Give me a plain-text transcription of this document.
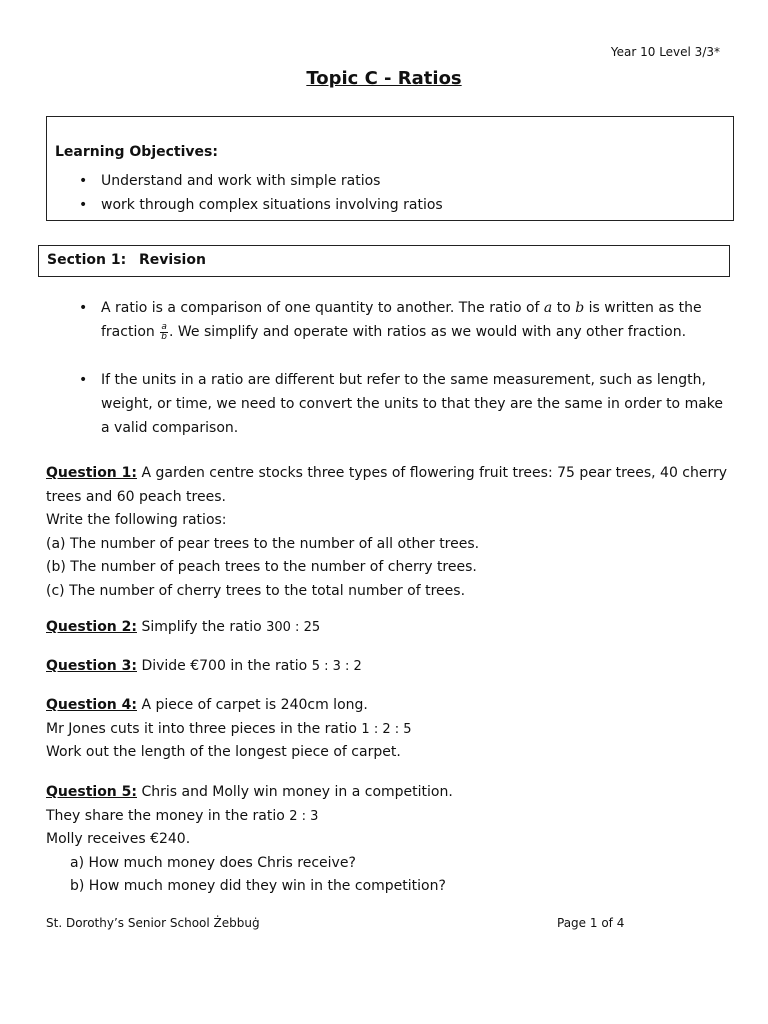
Year 10 Level 3/3*
Topic C - Ratios
Learning Objectives:
• Understand and work with simple ratios
• work through complex situations involving ratios
Section 1: Revision
• A ratio is a comparison of one quantity to another. The ratio of a to b is written as the fraction $\frac{a}{b}$ . We simplify and operate with ratios as we would with any other fraction.
• If the units in a ratio are different but refer to the same measurement, such as length, weight, or time, we need to convert the units to that they are the same in order to make a valid comparison.
Question 1: A garden centre stocks three types of flowering fruit trees: 75 pear trees, 40 cherry trees and 60 peach trees.
Write the following ratios:
(a) The number of pear trees to the number of all other trees.
(b) The number of peach trees to the number of cherry trees.
(c) The number of cherry trees to the total number of trees.
Question 2: Simplify the ratio 300 : 25
Question 3: Divide €700 in the ratio 5 : 3 : 2
Question 4: A piece of carpet is 240cm long.
Mr Jones cuts it into three pieces in the ratio 1 : 2 : 5
Work out the length of the longest piece of carpet.
Question 5: Chris and Molly win money in a competition.
They share the money in the ratio 2 : 3
Molly receives €240.
a) How much money does Chris receive?
b) How much money did they win in the competition?
St. Dorothy’s Senior School Żebbuġ	Page 1 of 4
